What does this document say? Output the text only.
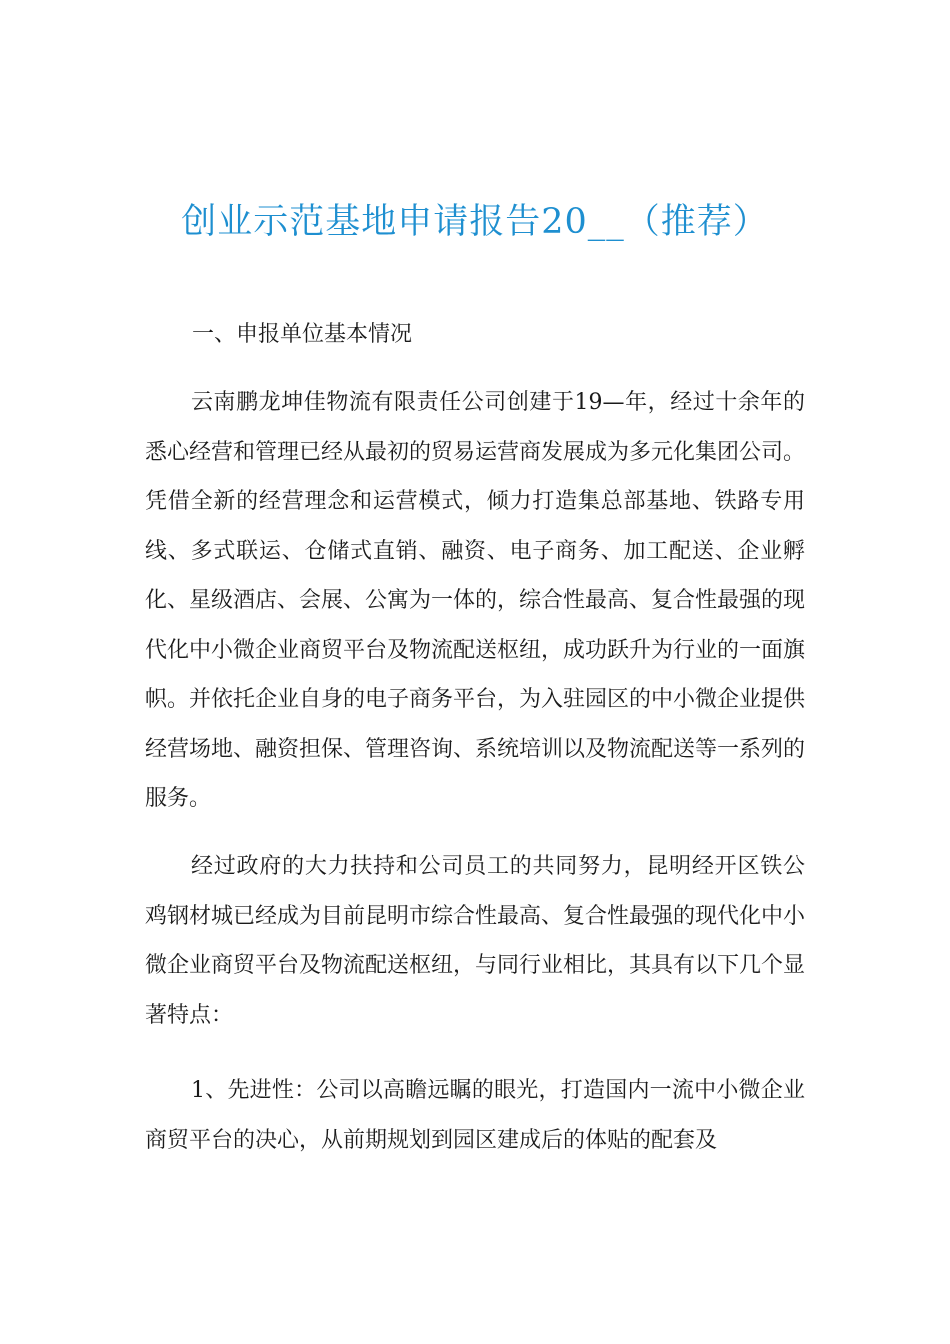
创业示范基地申请报告20__（推荐）
一、申报单位基本情况

云南鹏龙坤佳物流有限责任公司创建于19—年，经过十余年的悉心经营和管理已经从最初的贸易运营商发展成为多元化集团公司。凭借全新的经营理念和运营模式，倾力打造集总部基地、铁路专用线、多式联运、仓储式直销、融资、电子商务、加工配送、企业孵化、星级酒店、会展、公寓为一体的，综合性最高、复合性最强的现代化中小微企业商贸平台及物流配送枢纽，成功跃升为行业的一面旗帜。并依托企业自身的电子商务平台，为入驻园区的中小微企业提供经营场地、融资担保、管理咨询、系统培训以及物流配送等一系列的服务。

经过政府的大力扶持和公司员工的共同努力，昆明经开区铁公鸡钢材城已经成为目前昆明市综合性最高、复合性最强的现代化中小微企业商贸平台及物流配送枢纽，与同行业相比，其具有以下几个显著特点：

1、先进性：公司以高瞻远瞩的眼光，打造国内一流中小微企业商贸平台的决心，从前期规划到园区建成后的体贴的配套及
